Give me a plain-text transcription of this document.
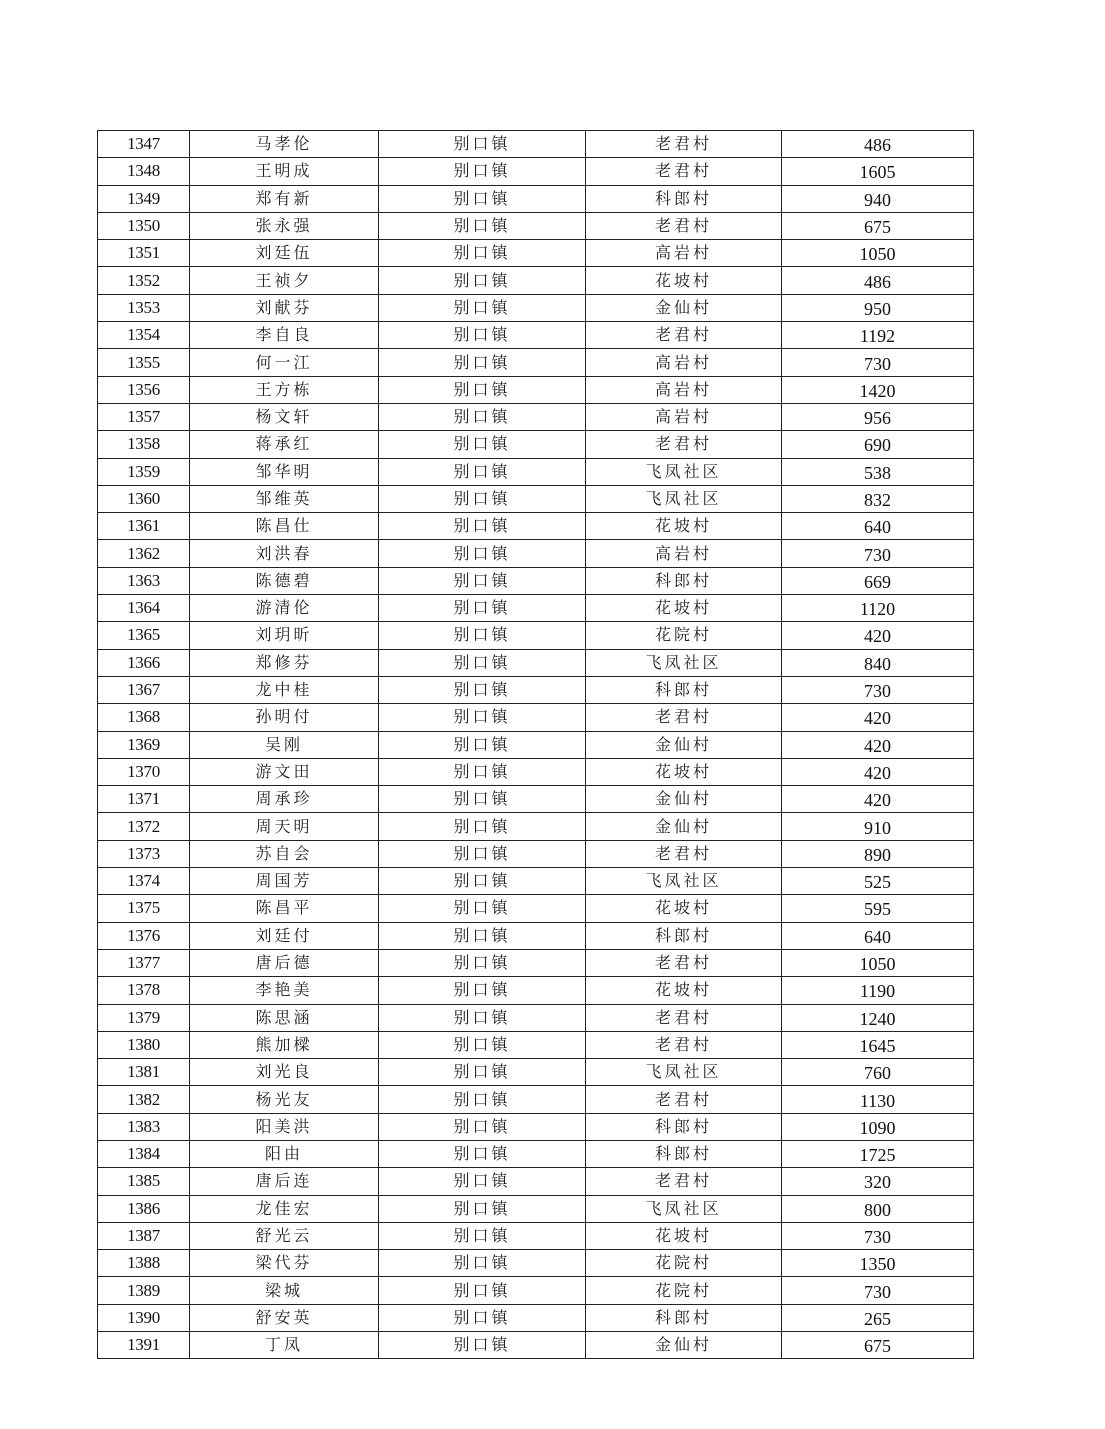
1347	马孝伦	别口镇	老君村	486
1348	王明成	别口镇	老君村	1605
1349	郑有新	别口镇	科郎村	940
1350	张永强	别口镇	老君村	675
1351	刘廷伍	别口镇	高岩村	1050
1352	王祯夕	别口镇	花坡村	486
1353	刘献芬	别口镇	金仙村	950
1354	李自良	别口镇	老君村	1192
1355	何一江	别口镇	高岩村	730
1356	王方栋	别口镇	高岩村	1420
1357	杨文轩	别口镇	高岩村	956
1358	蒋承红	别口镇	老君村	690
1359	邹华明	别口镇	飞凤社区	538
1360	邹维英	别口镇	飞凤社区	832
1361	陈昌仕	别口镇	花坡村	640
1362	刘洪春	别口镇	高岩村	730
1363	陈德碧	别口镇	科郎村	669
1364	游清伦	别口镇	花坡村	1120
1365	刘玥昕	别口镇	花院村	420
1366	郑修芬	别口镇	飞凤社区	840
1367	龙中桂	别口镇	科郎村	730
1368	孙明付	别口镇	老君村	420
1369	吴刚	别口镇	金仙村	420
1370	游文田	别口镇	花坡村	420
1371	周承珍	别口镇	金仙村	420
1372	周天明	别口镇	金仙村	910
1373	苏自会	别口镇	老君村	890
1374	周国芳	别口镇	飞凤社区	525
1375	陈昌平	别口镇	花坡村	595
1376	刘廷付	别口镇	科郎村	640
1377	唐后德	别口镇	老君村	1050
1378	李艳美	别口镇	花坡村	1190
1379	陈思涵	别口镇	老君村	1240
1380	熊加樑	别口镇	老君村	1645
1381	刘光良	别口镇	飞凤社区	760
1382	杨光友	别口镇	老君村	1130
1383	阳美洪	别口镇	科郎村	1090
1384	阳由	别口镇	科郎村	1725
1385	唐后连	别口镇	老君村	320
1386	龙佳宏	别口镇	飞凤社区	800
1387	舒光云	别口镇	花坡村	730
1388	梁代芬	别口镇	花院村	1350
1389	梁城	别口镇	花院村	730
1390	舒安英	别口镇	科郎村	265
1391	丁凤	别口镇	金仙村	675
